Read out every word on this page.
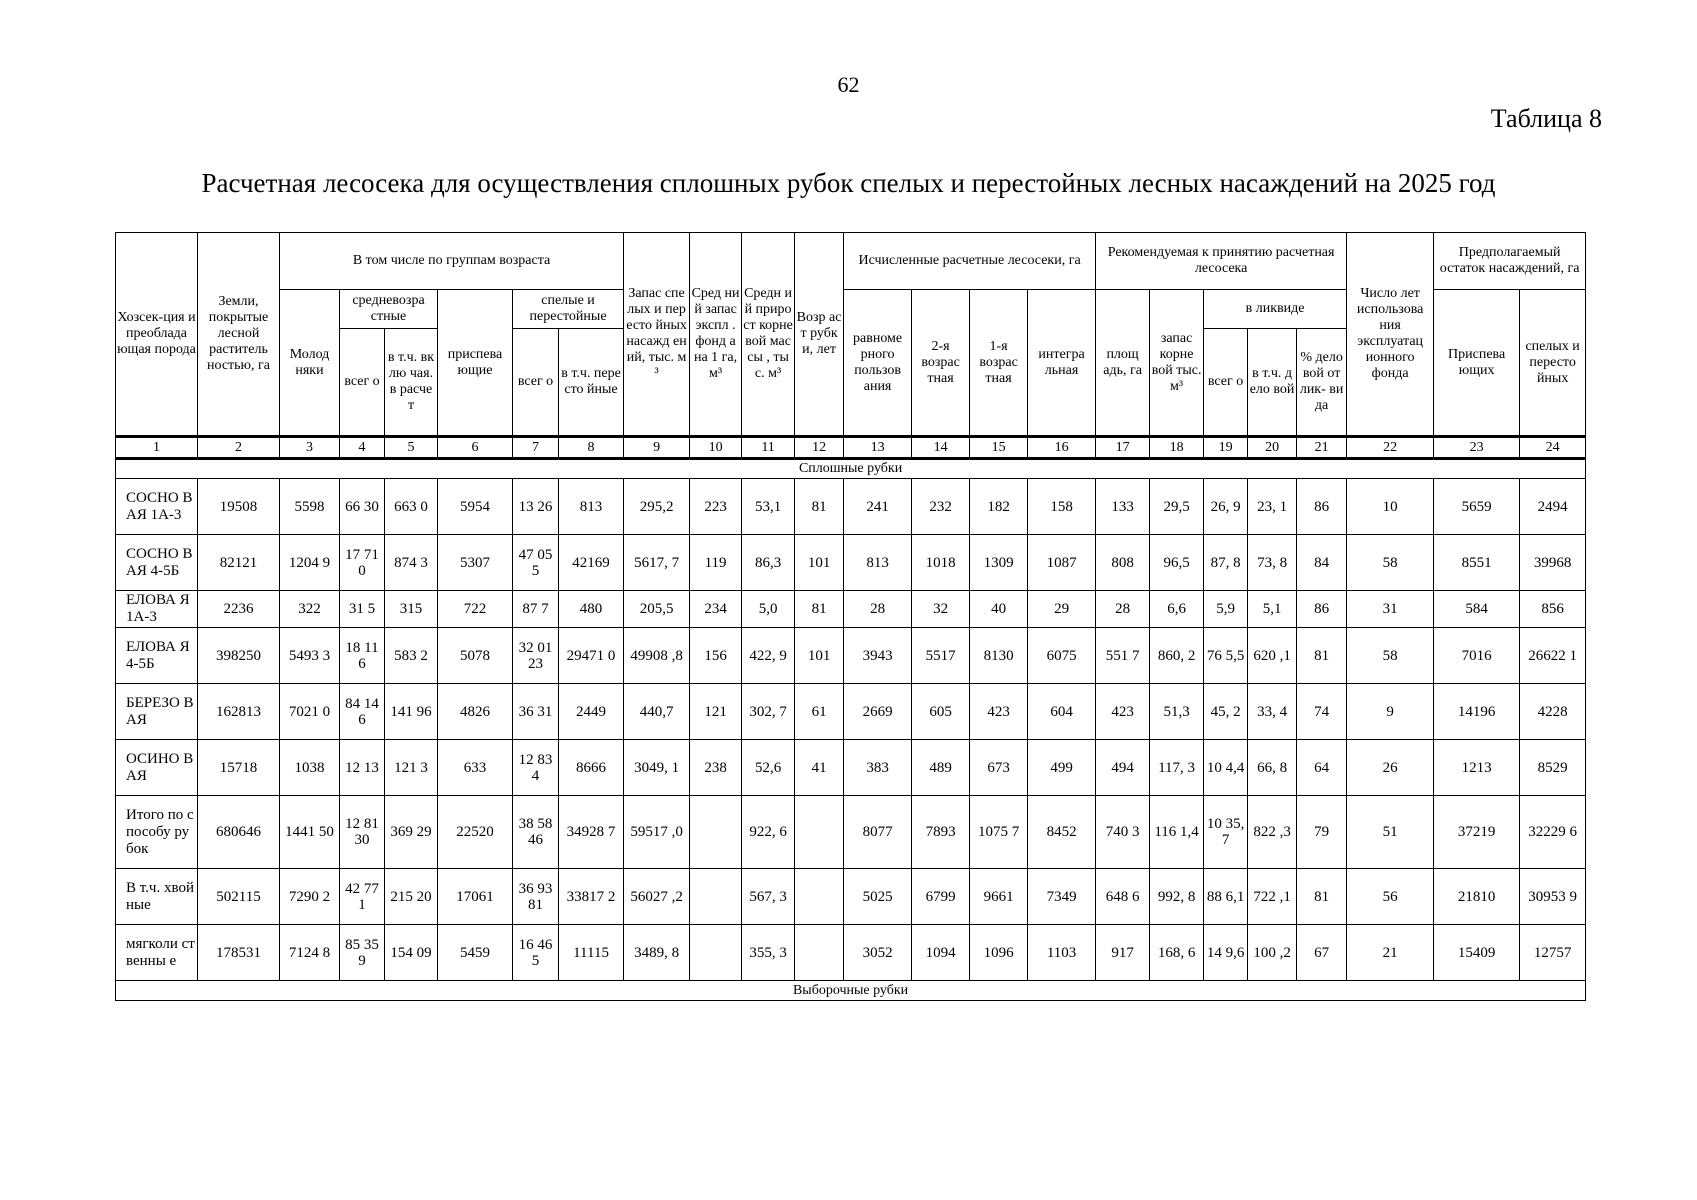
62
Таблица 8
Расчетная лесосека для осуществления сплошных рубок спелых и перестойных лесных насаждений на 2025 год
Хозсек-ция и преоблада ющая порода	Земли, покрытые лесной раститель ностью, га	В том числе по группам возраста						Запас спелых и пересто йных насажд ений, тыс. м³	Сред ний запас экспл . фонд а на 1 га, м³	Средн ий приро ст корне вой массы , тыс. м³	Возр аст рубк и, лет	Исчисленные расчетные лесосеки, га				Рекомендуемая к принятию расчетная лесосека					Число лет использова ния эксплуатац ионного фонда	Предполагаемый остаток насаждений, га	
		Молод няки	средневозра стные		приспева ющие	спелые и перестойные						равноме рного пользов ания	2-я возрас тная	1-я возрас тная	интегра льная	площ адь, га	запас корне вой тыс. м³	в ликвиде				Приспева ющих	спелых и пересто йных
			всег о	в т.ч. вклю чая. в расче т		всег о	в т.ч. пересто йные											всег о	в т.ч. дело вой	% дело вой от лик- вида			
1	2	3	4	5	6	7	8	9	10	11	12	13	14	15	16	17	18	19	20	21	22	23	24
Сплошные рубки																							
СОСНО ВАЯ 1А-3	19508	5598	66 30	663 0	5954	13 26	813	295,2	223	53,1	81	241	232	182	158	133	29,5	26, 9	23, 1	86	10	5659	2494
СОСНО ВАЯ 4-5Б	82121	1204 9	17 71 0	874 3	5307	47 05 5	42169	5617, 7	119	86,3	101	813	1018	1309	1087	808	96,5	87, 8	73, 8	84	58	8551	39968
ЕЛОВА Я 1А-3	2236	322	31 5	315	722	87 7	480	205,5	234	5,0	81	28	32	40	29	28	6,6	5,9	5,1	86	31	584	856
ЕЛОВА Я 4-5Б	398250	5493 3	18 11 6	583 2	5078	32 01 23	29471 0	49908 ,8	156	422, 9	101	3943	5517	8130	6075	551 7	860, 2	76 5,5	620 ,1	81	58	7016	26622 1
БЕРЕЗО ВАЯ	162813	7021 0	84 14 6	141 96	4826	36 31	2449	440,7	121	302, 7	61	2669	605	423	604	423	51,3	45, 2	33, 4	74	9	14196	4228
ОСИНО ВАЯ	15718	1038	12 13	121 3	633	12 83 4	8666	3049, 1	238	52,6	41	383	489	673	499	494	117, 3	10 4,4	66, 8	64	26	1213	8529
Итого по способу рубок	680646	1441 50	12 81 30	369 29	22520	38 58 46	34928 7	59517 ,0		922, 6		8077	7893	1075 7	8452	740 3	116 1,4	10 35, 7	822 ,3	79	51	37219	32229 6
В т.ч. хвойные	502115	7290 2	42 77 1	215 20	17061	36 93 81	33817 2	56027 ,2		567, 3		5025	6799	9661	7349	648 6	992, 8	88 6,1	722 ,1	81	56	21810	30953 9
мягколи ственны е	178531	7124 8	85 35 9	154 09	5459	16 46 5	11115	3489, 8		355, 3		3052	1094	1096	1103	917	168, 6	14 9,6	100 ,2	67	21	15409	12757
Выборочные рубки																							
